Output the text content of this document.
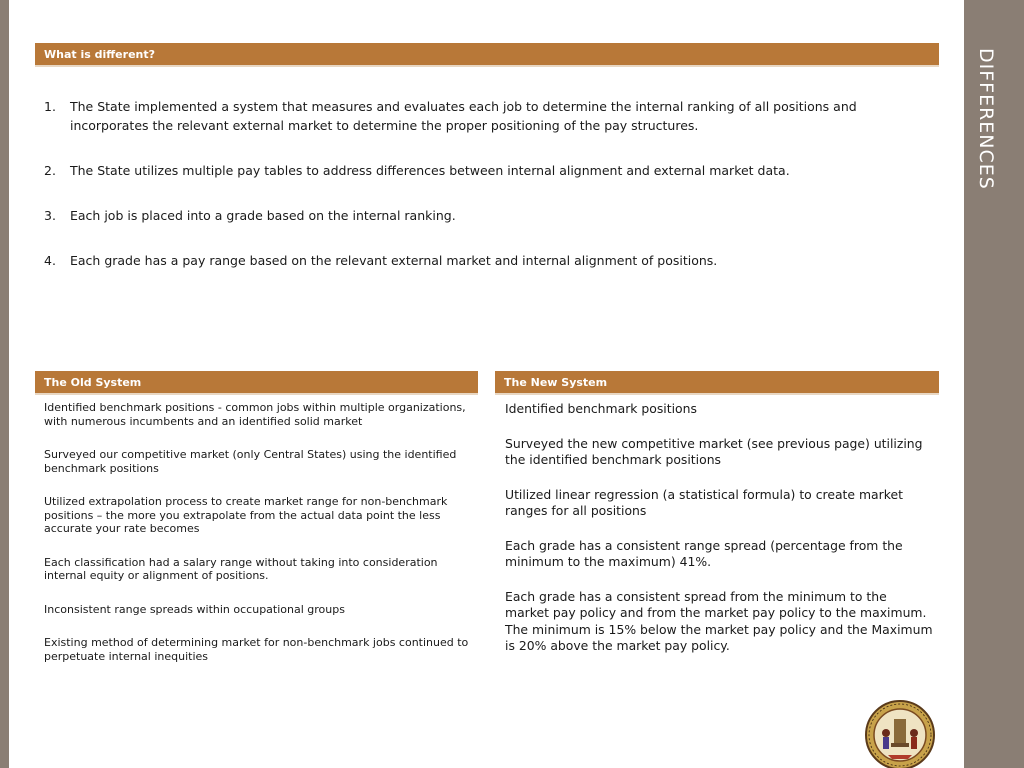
DIFFERENCES
What is different?
1.	The State implemented a system that measures and evaluates each job to determine the internal ranking of all positions and incorporates the relevant external market to determine the proper positioning of the pay structures.
2.	The State utilizes multiple pay tables to address differences between internal alignment and external market data.
3.	Each job is placed into a grade based on the internal ranking.
4.	Each grade has a pay range based on the relevant external market and internal alignment of positions.
The Old System	The New System
Identified benchmark positions - common jobs within multiple organizations, with numerous incumbents and an identified solid market
Surveyed our competitive market (only Central States) using the identified benchmark positions
Utilized extrapolation process to create market range for non-benchmark positions – the more you extrapolate from the actual data point the less accurate your rate becomes
Each classification had a salary range without taking into consideration internal equity or alignment of positions.
Inconsistent range spreads within occupational groups
Existing method of determining market for non-benchmark jobs continued to perpetuate internal inequities
Identified benchmark positions
Surveyed the new competitive market (see previous page) utilizing the identified benchmark positions
Utilized linear regression (a statistical formula) to create market ranges for all positions
Each grade has a consistent range spread (percentage from the minimum to the maximum) 41%.
Each grade has a consistent spread from the minimum to the market pay policy and from the market pay policy to the maximum. The minimum is 15% below the market pay policy and the Maximum is 20% above the market pay policy.
